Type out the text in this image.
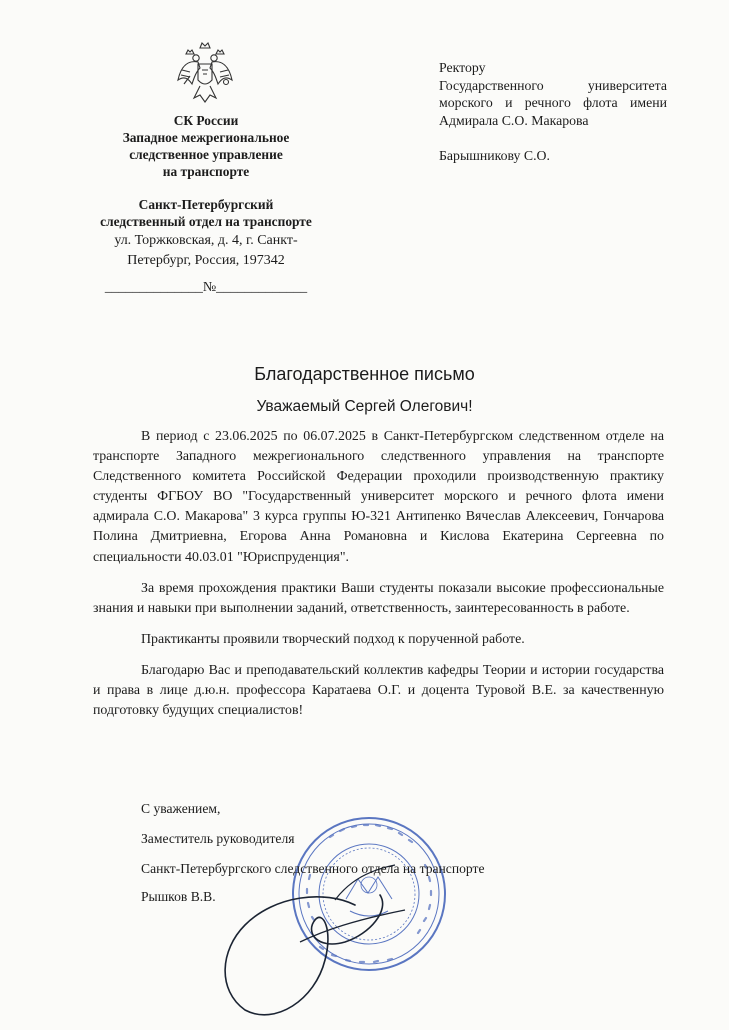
СК России
Западное межрегиональное
следственное управление
на транспорте
Санкт-Петербургский
следственный отдел на транспорте
ул. Торжковская, д. 4, г. Санкт-
Петербург, Россия, 197342
______________№_____________
Ректору
Государственного университета
морского и речного флота имени
Адмирала С.О. Макарова
Барышникову С.О.
Благодарственное письмо
Уважаемый Сергей Олегович!

В период с 23.06.2025 по 06.07.2025 в Санкт-Петербургском следственном отделе на транспорте Западного межрегионального следственного управления на транспорте Следственного комитета Российской Федерации проходили производственную практику студенты ФГБОУ ВО "Государственный университет морского и речного флота имени адмирала С.О. Макарова" 3 курса группы Ю-321 Антипенко Вячеслав Алексеевич, Гончарова Полина Дмитриевна, Егорова Анна Романовна и Кислова Екатерина Сергеевна по специальности 40.03.01 "Юриспруденция".

За время прохождения практики Ваши студенты показали высокие профессиональные знания и навыки при выполнении заданий, ответственность, заинтересованность в работе.

Практиканты проявили творческий подход к порученной работе.

Благодарю Вас и преподавательский коллектив кафедры Теории и истории государства и права в лице д.ю.н. профессора Каратаева О.Г. и доцента Туровой В.Е. за качественную подготовку будущих специалистов!

С уважением,
Заместитель руководителя
Санкт-Петербургского следственного отдела на транспорте
Рышков В.В.
